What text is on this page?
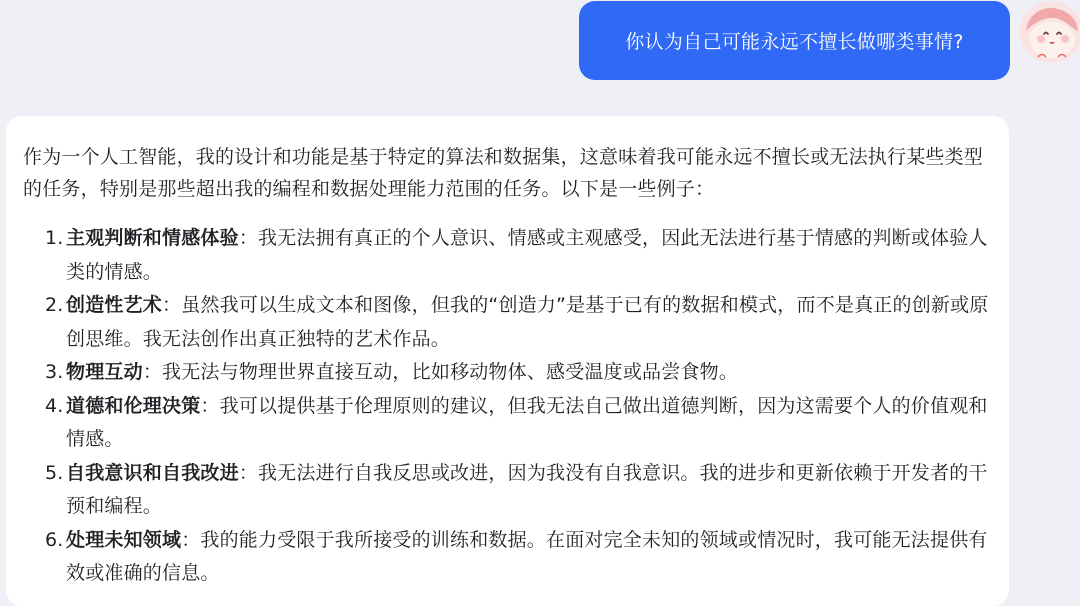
你认为自己可能永远不擅长做哪类事情?

作为一个人工智能，我的设计和功能是基于特定的算法和数据集，这意味着我可能永远不擅长或无法执行某些类型的任务，特别是那些超出我的编程和数据处理能力范围的任务。以下是一些例子：

1. 主观判断和情感体验：我无法拥有真正的个人意识、情感或主观感受，因此无法进行基于情感的判断或体验人类的情感。
2. 创造性艺术：虽然我可以生成文本和图像，但我的“创造力”是基于已有的数据和模式，而不是真正的创新或原创思维。我无法创作出真正独特的艺术作品。
3. 物理互动：我无法与物理世界直接互动，比如移动物体、感受温度或品尝食物。
4. 道德和伦理决策：我可以提供基于伦理原则的建议，但我无法自己做出道德判断，因为这需要个人的价值观和情感。
5. 自我意识和自我改进：我无法进行自我反思或改进，因为我没有自我意识。我的进步和更新依赖于开发者的干预和编程。
6. 处理未知领域：我的能力受限于我所接受的训练和数据。在面对完全未知的领域或情况时，我可能无法提供有效或准确的信息。
